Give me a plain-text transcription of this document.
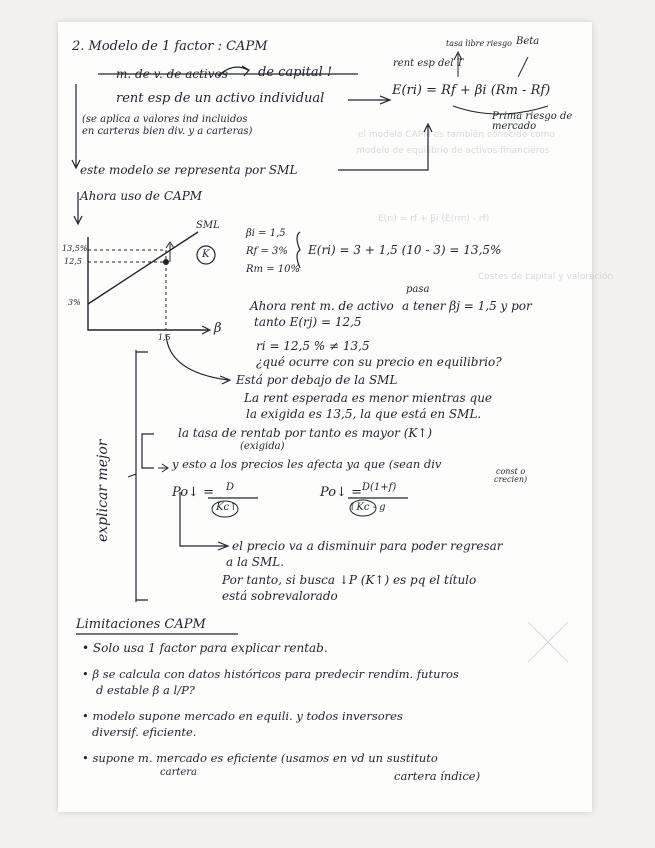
el modelo CAPM es también conocido como
modelo de equilibrio de activos financieros
E(ri) = rf + βi (E(rm) - rf)
Costes de capital y valoración
2. Modelo de 1 factor : CAPM
rent esp del T
tasa libre riesgo Beta
m. de v. de activos de capital !
rent esp de un activo individual
E(ri) = Rf + βi (Rm - Rf)
Prima riesgo de mercado
(se aplica a valores ind incluidos
en carteras bien div. y a carteras)
este modelo se representa por SML
Ahora uso de CAPM
SML
K
13,5%
12,5
3%
1,5
β
βi = 1,5
Rf = 3%
Rm = 10%
E(ri) = 3 + 1,5 (10 - 3) = 13,5%
pasa
Ahora rent m. de activo a tener βj = 1,5 y por
tanto E(rj) = 12,5
ri = 12,5 % ≠ 13,5
¿qué ocurre con su precio en equilibrio?
Está por debajo de la SML
La rent esperada es menor mientras que
la exigida es 13,5, la que está en SML.
la tasa de rentab por tanto es mayor (K↑)
(exigida)
y esto a los precios les afecta ya que (sean div
const o
crecien)
explicar mejor	Po↓ = D
Kc↑
Po↓ = D(1+f)
↑Kc - g
el precio va a disminuir para poder regresar
a la SML.
Por tanto, si busca ↓P (K↑) es pq el título
está sobrevalorado
Limitaciones CAPM
• Solo usa 1 factor para explicar rentab.
• β se calcula con datos históricos para predecir rendim. futuros
d estable β a l/P?
• modelo supone mercado en equili. y todos inversores
diversif. eficiente.
• supone m. mercado es eficiente (usamos en vd un sustituto
cartera	cartera índice)
